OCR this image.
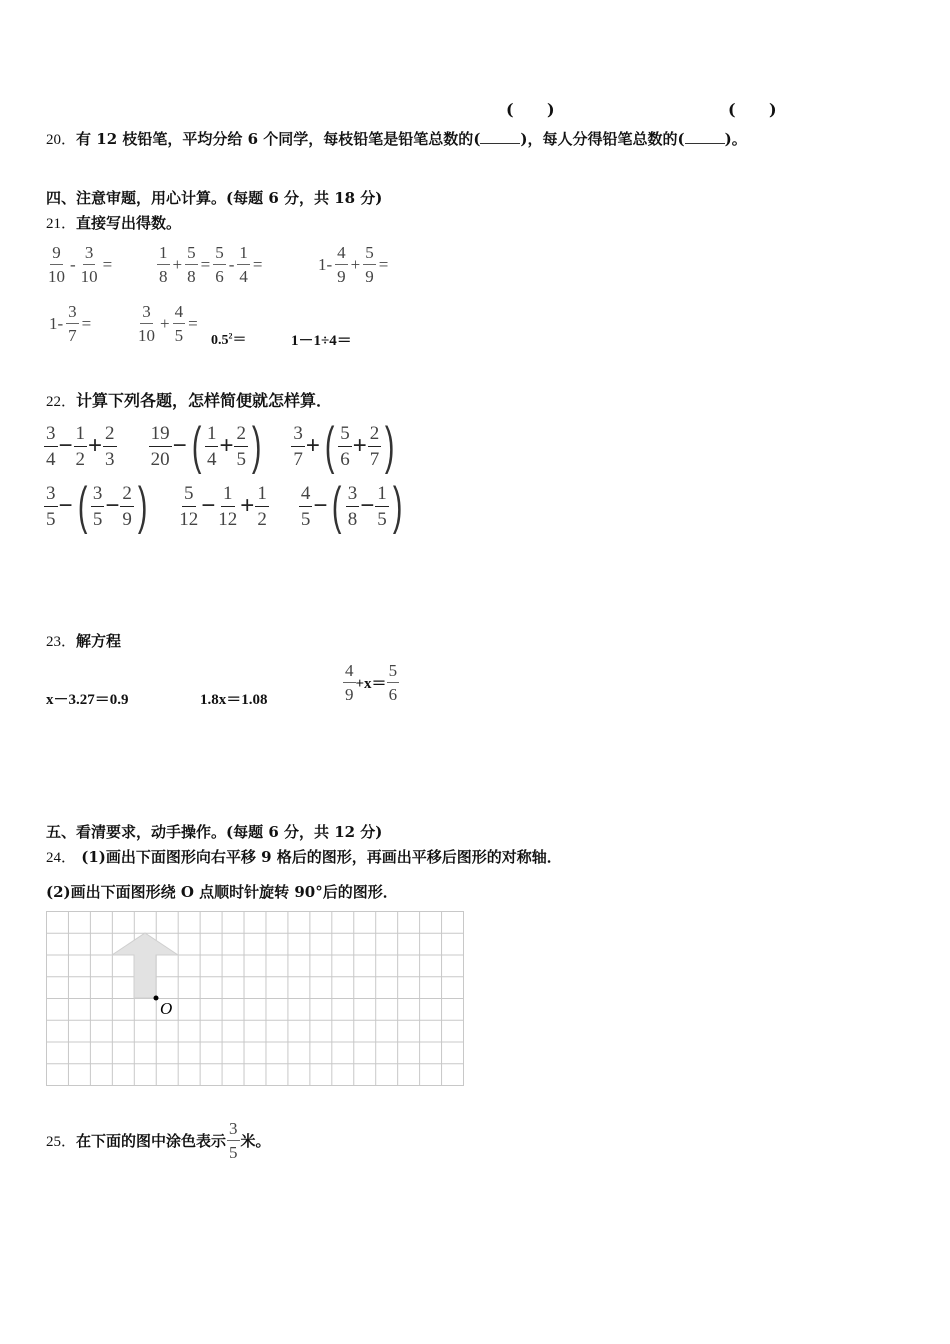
( )	( )
20．有 12 枝铅笔，平均分给 6 个同学，每枝铅笔是铅笔总数的(	)，每人分得铅笔总数的(	)。
四、注意审题，用心计算。(每题 6 分，共 18 分)
21．直接写出得数。
$\frac{9}{10} - \frac{3}{10}$ =	$\frac{1}{8} + \frac{5}{8} = \frac{5}{6} - \frac{1}{4}$ =	$1- \frac{4}{9} + \frac{5}{9}$ =
$1- \frac{3}{7}$ =	$\frac{3}{10} + \frac{4}{5}$ =
$0.5^2=$	1－1÷4＝
22．计算下列各题，怎样简便就怎样算．
$\frac{3}{4} - \frac{1}{2} + \frac{2}{3}$
$\frac{19}{20}$ −( $\frac{1}{4} + \frac{2}{5}$ ) $\frac{3}{7}$ +( $\frac{5}{6} + \frac{2}{7}$ )
$\frac{3}{5}$ −( $\frac{3}{5} - \frac{2}{9}$ ) $\frac{5}{12} - \frac{1}{12} + \frac{1}{2}$
$\frac{4}{5}$ −( $\frac{3}{8} - \frac{1}{5}$ )
23．解方程
x－3.27＝0.9	1.8x＝1.08	$\frac{4}{9} +x= \frac{5}{6}$
五、看清要求，动手操作。(每题 6 分，共 12 分)
24． (1)画出下面图形向右平移 9 格后的图形，再画出平移后图形的对称轴．
(2)画出下面图形绕 O 点顺时针旋转 90°后的图形．
O
25．在下面的图中涂色表示 $\frac{3}{5}$ 米。
